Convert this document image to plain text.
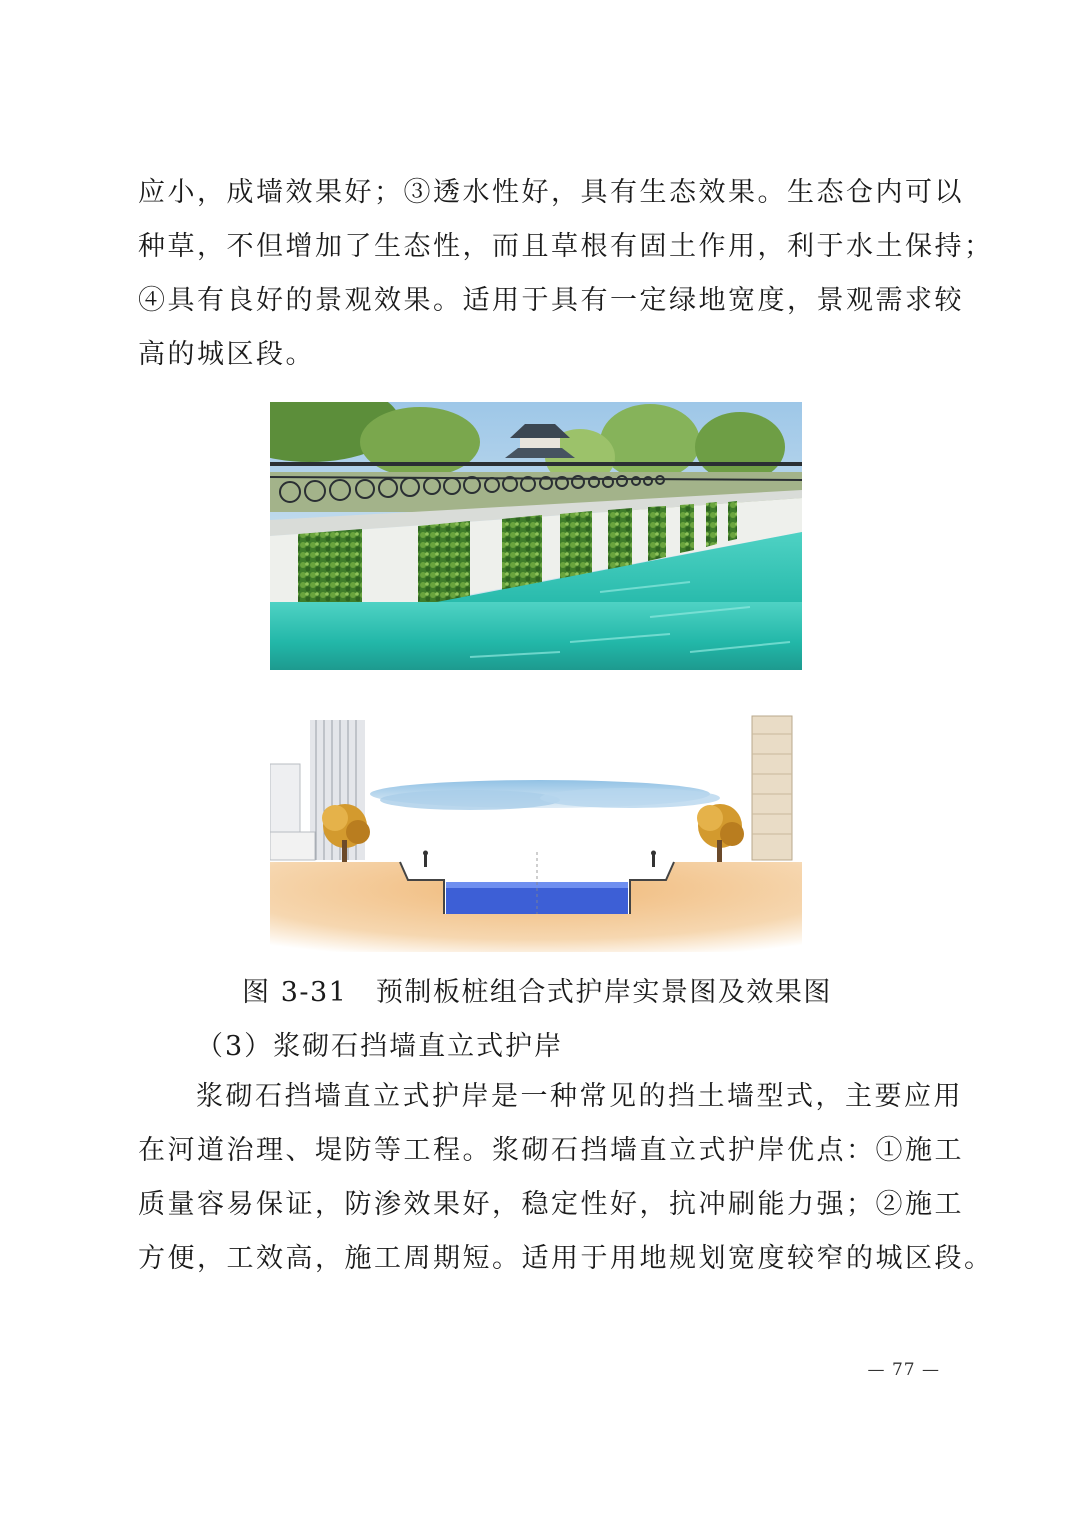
应小，成墙效果好；③透水性好，具有生态效果。生态仓内可以
种草，不但增加了生态性，而且草根有固土作用，利于水土保持；
④具有良好的景观效果。适用于具有一定绿地宽度，景观需求较
高的城区段。
图 3-31　预制板桩组合式护岸实景图及效果图
（3）浆砌石挡墙直立式护岸
浆砌石挡墙直立式护岸是一种常见的挡土墙型式，主要应用
在河道治理、堤防等工程。浆砌石挡墙直立式护岸优点：①施工
质量容易保证，防渗效果好，稳定性好，抗冲刷能力强；②施工
方便，工效高，施工周期短。适用于用地规划宽度较窄的城区段。
— 77 —
